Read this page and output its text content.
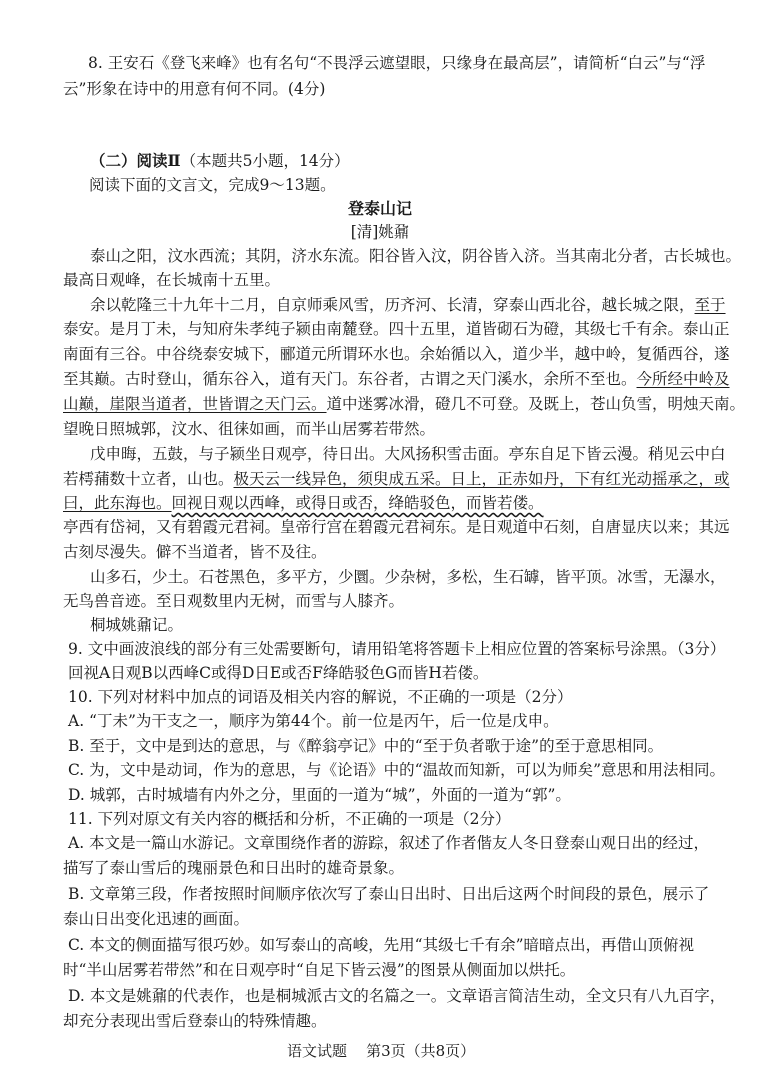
8. 王安石《登飞来峰》也有名句“不畏浮云遮望眼，只缘身在最高层”，请简析“白云”与“浮
云”形象在诗中的用意有何不同。(4分)
（二）阅读Ⅱ（本题共5小题，14分）
阅读下面的文言文，完成9～13题。
登泰山记
[清]姚鼐
泰山之阳，汶水西流；其阴，济水东流。阳谷皆入汶，阴谷皆入济。当其南北分者，古长城也。
最高日观峰，在长城南十五里。
余以乾隆三十九年十二月，自京师乘风雪，历齐河、长清，穿泰山西北谷，越长城之限，至于
泰安。是月丁未，与知府朱孝纯子颍由南麓登。四十五里，道皆砌石为磴，其级七千有余。泰山正
南面有三谷。中谷绕泰安城下，郦道元所谓环水也。余始循以入，道少半，越中岭，复循西谷，遂
至其巅。古时登山，循东谷入，道有天门。东谷者，古谓之天门溪水，余所不至也。今所经中岭及
山巅，崖限当道者，世皆谓之天门云。道中迷雾冰滑，磴几不可登。及既上，苍山负雪，明烛天南。
望晚日照城郭，汶水、徂徕如画，而半山居雾若带然。
戊申晦，五鼓，与子颍坐日观亭，待日出。大风扬积雪击面。亭东自足下皆云漫。稍见云中白
若樗蒱数十立者，山也。极天云一线异色，须臾成五采。日上，正赤如丹，下有红光动摇承之，或
曰，此东海也。回视日观以西峰，或得日或否，绛皓驳色，而皆若偻。
亭西有岱祠，又有碧霞元君祠。皇帝行宫在碧霞元君祠东。是日观道中石刻，自唐显庆以来；其远
古刻尽漫失。僻不当道者，皆不及往。
山多石，少土。石苍黑色，多平方，少圜。少杂树，多松，生石罅，皆平顶。冰雪，无瀑水，
无鸟兽音迹。至日观数里内无树，而雪与人膝齐。
桐城姚鼐记。
9. 文中画波浪线的部分有三处需要断句，请用铅笔将答题卡上相应位置的答案标号涂黑。（3分）
回视A日观B以西峰C或得D日E或否F绛皓驳色G而皆H若偻。
10. 下列对材料中加点的词语及相关内容的解说，不正确的一项是（2分）
A. “丁未”为干支之一，顺序为第44个。前一位是丙午，后一位是戊申。
B. 至于，文中是到达的意思，与《醉翁亭记》中的“至于负者歌于途”的至于意思相同。
C. 为，文中是动词，作为的意思，与《论语》中的“温故而知新，可以为师矣”意思和用法相同。
D. 城郭，古时城墙有内外之分，里面的一道为“城”，外面的一道为“郭”。
11. 下列对原文有关内容的概括和分析，不正确的一项是（2分）
A. 本文是一篇山水游记。文章围绕作者的游踪，叙述了作者偕友人冬日登泰山观日出的经过，
描写了泰山雪后的瑰丽景色和日出时的雄奇景象。
B. 文章第三段，作者按照时间顺序依次写了泰山日出时、日出后这两个时间段的景色，展示了
泰山日出变化迅速的画面。
C. 本文的侧面描写很巧妙。如写泰山的高峻，先用“其级七千有余”暗暗点出，再借山顶俯视
时“半山居雾若带然”和在日观亭时“自足下皆云漫”的图景从侧面加以烘托。
D. 本文是姚鼐的代表作，也是桐城派古文的名篇之一。文章语言简洁生动，全文只有八九百字，
却充分表现出雪后登泰山的特殊情趣。
语文试题 第3页（共8页）
